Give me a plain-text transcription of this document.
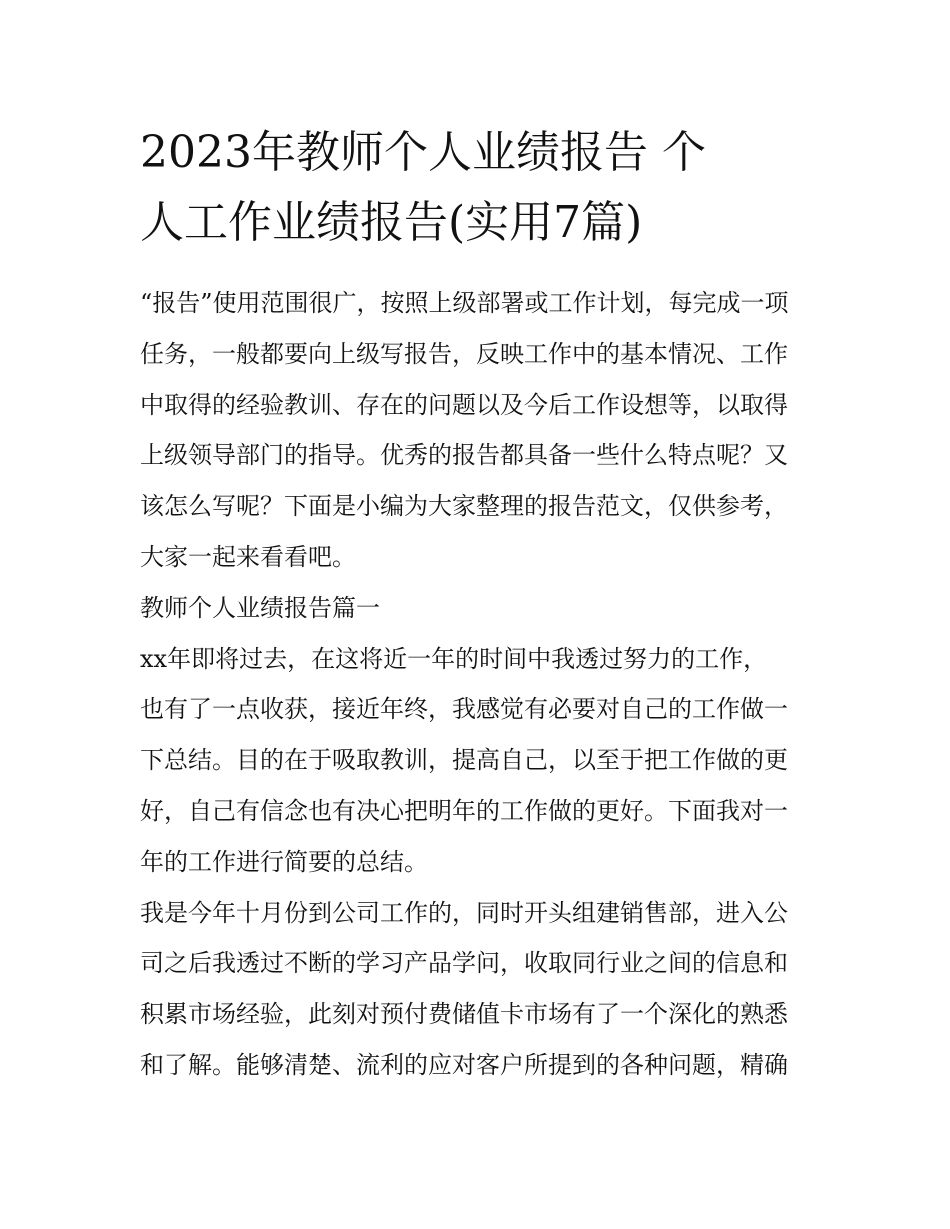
2023年教师个人业绩报告 个
人工作业绩报告(实用7篇)
“报告”使用范围很广，按照上级部署或工作计划，每完成一项
任务，一般都要向上级写报告，反映工作中的基本情况、工作
中取得的经验教训、存在的问题以及今后工作设想等，以取得
上级领导部门的指导。优秀的报告都具备一些什么特点呢？又
该怎么写呢？下面是小编为大家整理的报告范文，仅供参考，
大家一起来看看吧。
教师个人业绩报告篇一
xx年即将过去，在这将近一年的时间中我透过努力的工作，
也有了一点收获，接近年终，我感觉有必要对自己的工作做一
下总结。目的在于吸取教训，提高自己，以至于把工作做的更
好，自己有信念也有决心把明年的工作做的更好。下面我对一
年的工作进行简要的总结。
我是今年十月份到公司工作的，同时开头组建销售部，进入公
司之后我透过不断的学习产品学问，收取同行业之间的信息和
积累市场经验，此刻对预付费储值卡市场有了一个深化的熟悉
和了解。能够清楚、流利的应对客户所提到的各种问题，精确
